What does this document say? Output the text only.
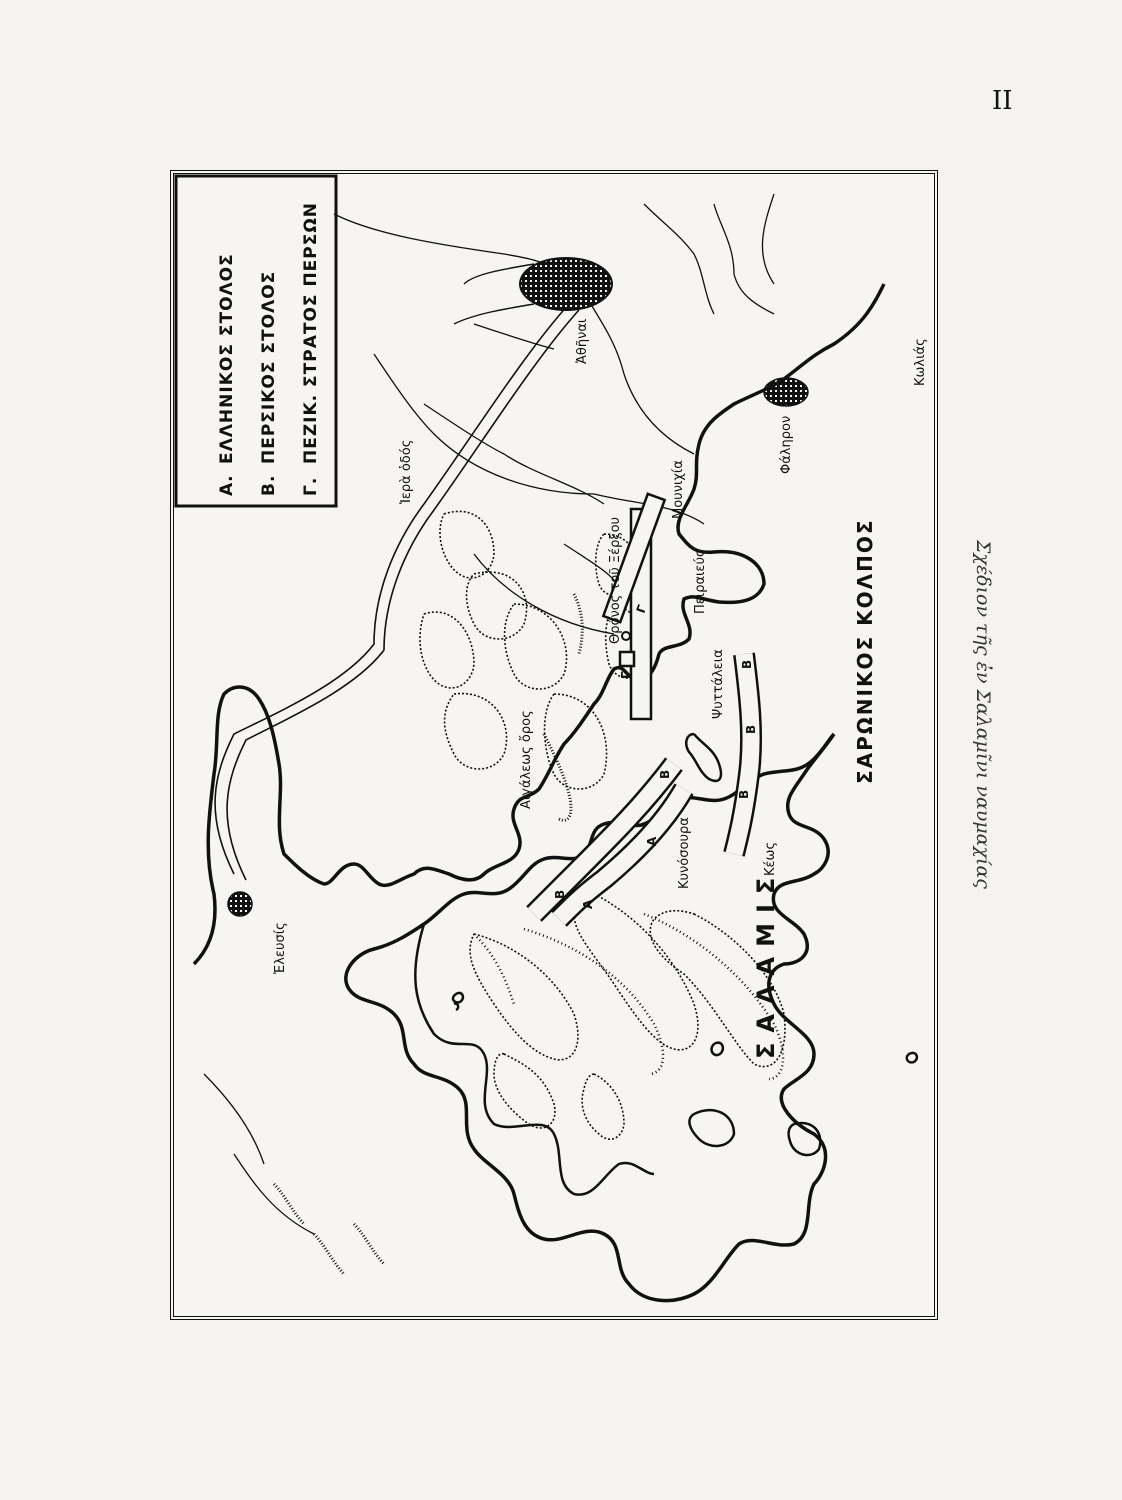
II
Α.
ΕΛΛΗΝΙΚΟΣ ΣΤΟΛΟΣ
Β.
ΠΕΡΣΙΚΟΣ ΣΤΟΛΟΣ
Γ.
ΠΕΖΙΚ. ΣΤΡΑΤΟΣ ΠΕΡΣΩΝ	Ἀθῆναι
Φάληρον
Κωλιάς
Ἐλευσίς
Ἱερὰ ὁδός
Γ
Γ
Β
Β
Β
Β
Β
Α
Α
Μουνιχία
Πειραιεύς
Θρόνος τοῦ Ξέρξου
Αἰγάλεως ὄρος
Ψυττάλεια
Κυνόσουρα	Κέως
ΣΑΡΩΝΙΚΟΣ ΚΟΛΠΟΣ
ΣΑΛΑΜΙΣ
Σχέδιον τῆς ἐν Σαλαμῖνι ναυμαχίας
